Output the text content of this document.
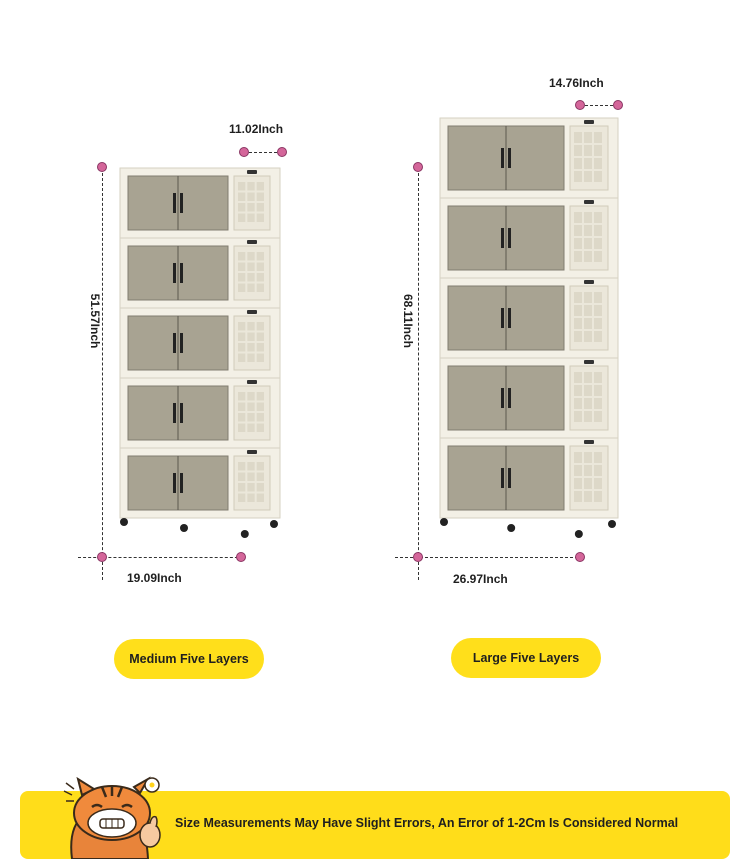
11.02Inch
51.57Inch
19.09Inch
Medium Five Layers
14.76Inch
68.11Inch
26.97Inch
Large Five Layers
Size Measurements May Have Slight Errors, An Error of 1-2Cm Is Considered Normal
